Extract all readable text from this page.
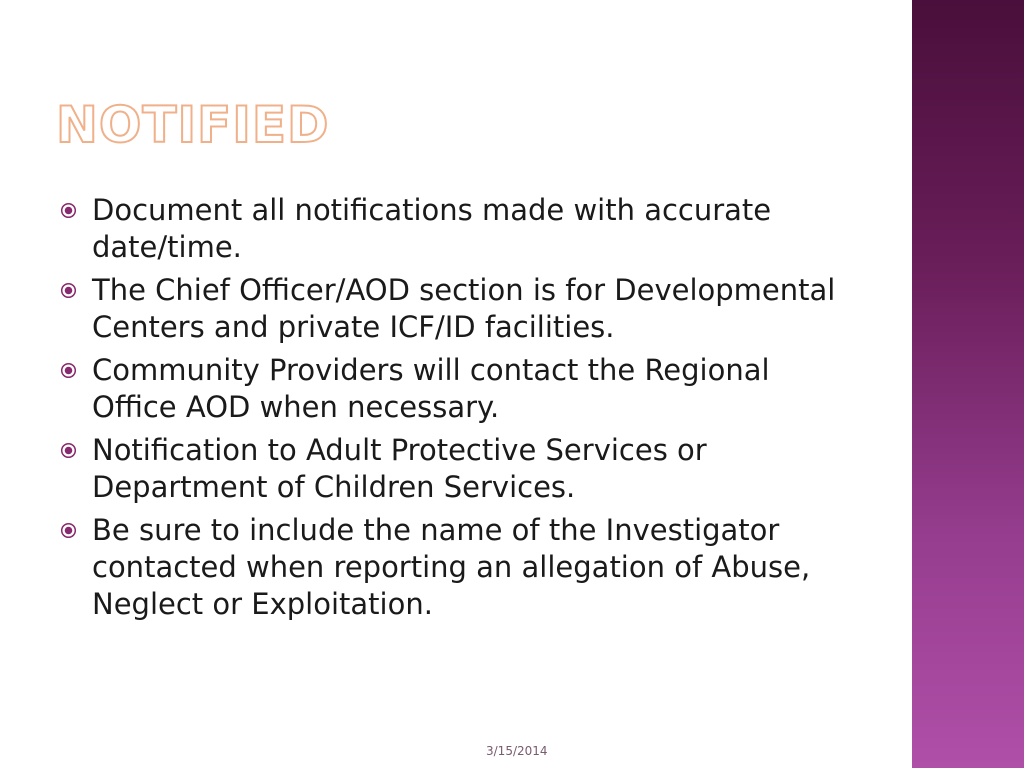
NOTIFIED
Document all notifications made with accurate date/time.
The Chief Officer/AOD section is for Developmental Centers and private ICF/ID facilities.
Community Providers will contact the Regional Office AOD when necessary.
Notification to Adult Protective Services or Department of Children Services.
Be sure to include the name of the Investigator contacted when reporting an allegation of Abuse, Neglect or Exploitation.
3/15/2014
